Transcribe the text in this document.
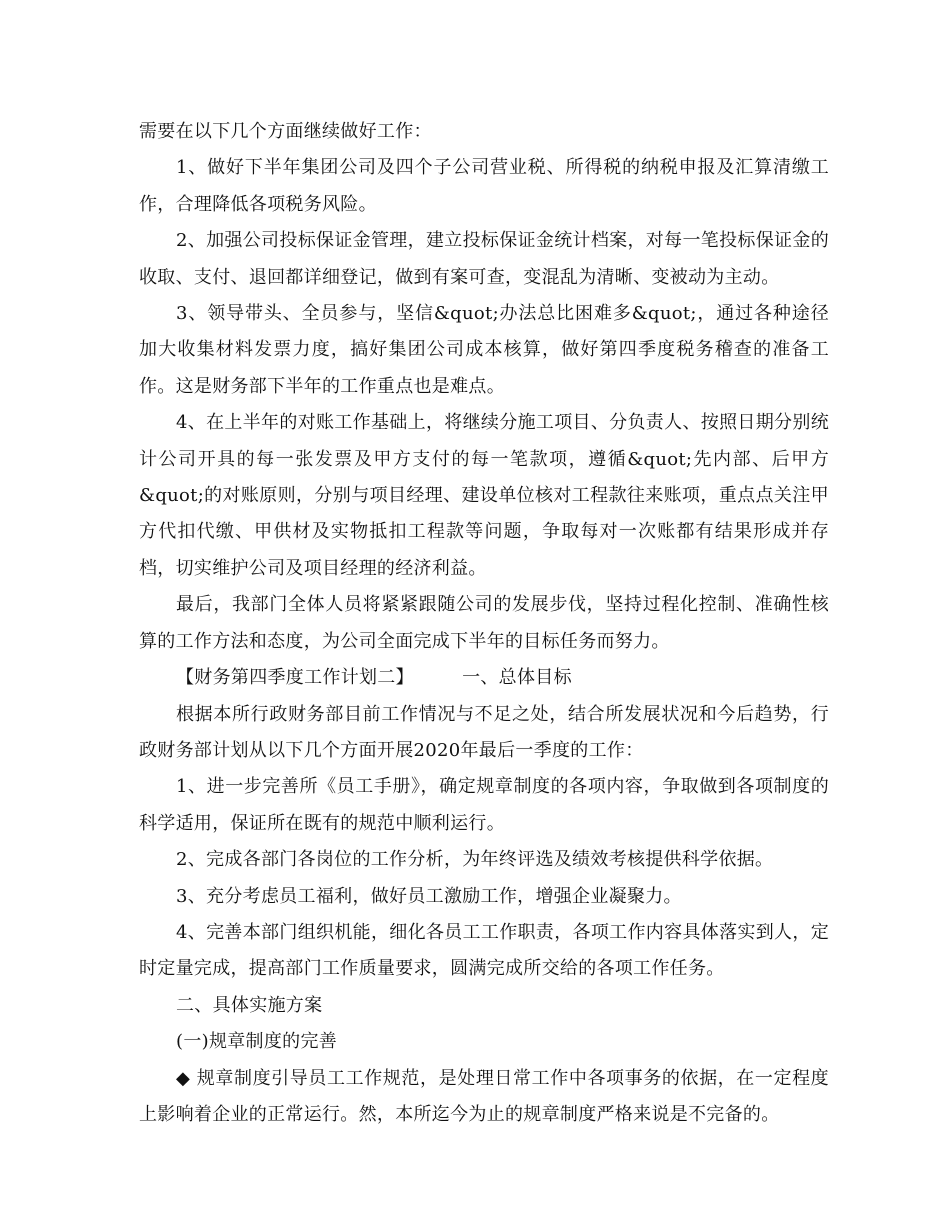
需要在以下几个方面继续做好工作：

1、做好下半年集团公司及四个子公司营业税、所得税的纳税申报及汇算清缴工作，合理降低各项税务风险。

2、加强公司投标保证金管理，建立投标保证金统计档案，对每一笔投标保证金的收取、支付、退回都详细登记，做到有案可查，变混乱为清晰、变被动为主动。

3、领导带头、全员参与，坚信&quot;办法总比困难多&quot;，通过各种途径加大收集材料发票力度，搞好集团公司成本核算，做好第四季度税务稽查的准备工作。这是财务部下半年的工作重点也是难点。

4、在上半年的对账工作基础上，将继续分施工项目、分负责人、按照日期分别统计公司开具的每一张发票及甲方支付的每一笔款项，遵循&quot;先内部、后甲方&quot;的对账原则，分别与项目经理、建设单位核对工程款往来账项，重点点关注甲方代扣代缴、甲供材及实物抵扣工程款等问题，争取每对一次账都有结果形成并存档，切实维护公司及项目经理的经济利益。

最后，我部门全体人员将紧紧跟随公司的发展步伐，坚持过程化控制、准确性核算的工作方法和态度，为公司全面完成下半年的目标任务而努力。

【财务第四季度工作计划二】        一、总体目标

根据本所行政财务部目前工作情况与不足之处，结合所发展状况和今后趋势，行政财务部计划从以下几个方面开展2020年最后一季度的工作：

1、进一步完善所《员工手册》，确定规章制度的各项内容，争取做到各项制度的科学适用，保证所在既有的规范中顺利运行。

2、完成各部门各岗位的工作分析，为年终评选及绩效考核提供科学依据。

3、充分考虑员工福利，做好员工激励工作，增强企业凝聚力。

4、完善本部门组织机能，细化各员工工作职责，各项工作内容具体落实到人，定时定量完成，提高部门工作质量要求，圆满完成所交给的各项工作任务。

二、具体实施方案

(一)规章制度的完善

◆ 规章制度引导员工工作规范，是处理日常工作中各项事务的依据，在一定程度上影响着企业的正常运行。然，本所迄今为止的规章制度严格来说是不完备的。
